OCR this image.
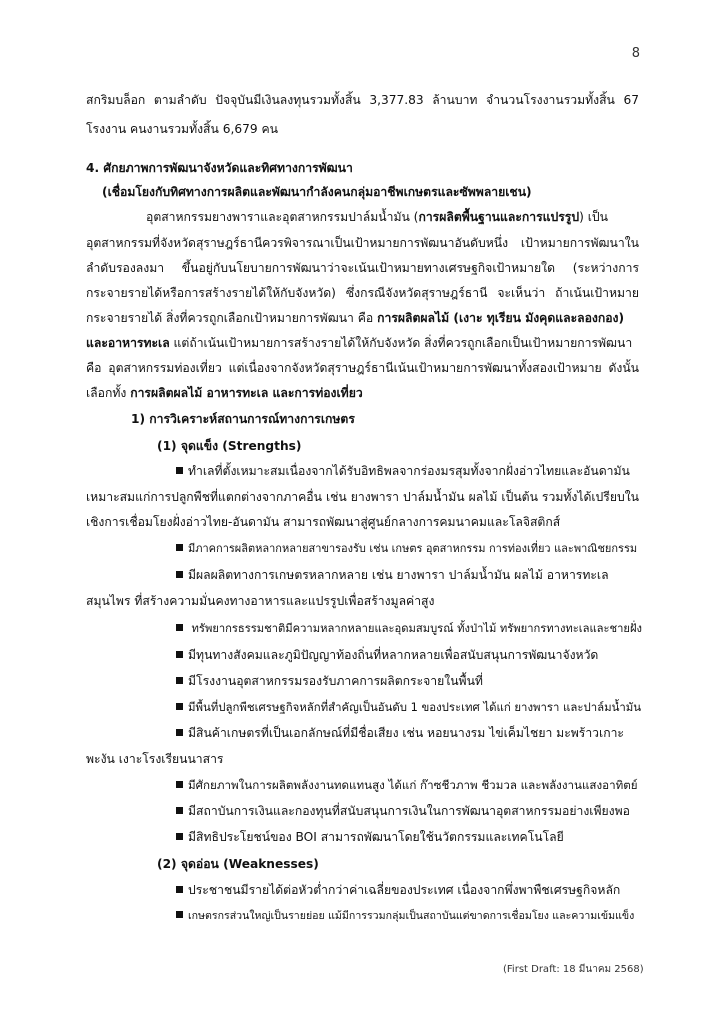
8
สกริมบล็อก ตามลำดับ ปัจจุบันมีเงินลงทุนรวมทั้งสิ้น 3,377.83 ล้านบาท จำนวนโรงงานรวมทั้งสิ้น 67
โรงงาน คนงานรวมทั้งสิ้น 6,679 คน
4. ศักยภาพการพัฒนาจังหวัดและทิศทางการพัฒนา
(เชื่อมโยงกับทิศทางการผลิตและพัฒนากำลังคนกลุ่มอาชีพเกษตรและซัพพลายเชน)
อุตสาหกรรมยางพาราและอุตสาหกรรมปาล์มน้ำมัน (การผลิตพื้นฐานและการแปรรูป) เป็น
อุตสาหกรรมที่จังหวัดสุราษฎร์ธานีควรพิจารณาเป็นเป้าหมายการพัฒนาอันดับหนึ่ง เป้าหมายการพัฒนาใน
ลำดับรองลงมา ขึ้นอยู่กับนโยบายการพัฒนาว่าจะเน้นเป้าหมายทางเศรษฐกิจเป้าหมายใด (ระหว่างการ
กระจายรายได้หรือการสร้างรายได้ให้กับจังหวัด) ซึ่งกรณีจังหวัดสุราษฎร์ธานี จะเห็นว่า ถ้าเน้นเป้าหมาย
กระจายรายได้ สิ่งที่ควรถูกเลือกเป้าหมายการพัฒนา คือ การผลิตผลไม้ (เงาะ ทุเรียน มังคุดและลองกอง)
และอาหารทะเล แต่ถ้าเน้นเป้าหมายการสร้างรายได้ให้กับจังหวัด สิ่งที่ควรถูกเลือกเป็นเป้าหมายการพัฒนา
คือ อุตสาหกรรมท่องเที่ยว แต่เนื่องจากจังหวัดสุราษฎร์ธานีเน้นเป้าหมายการพัฒนาทั้งสองเป้าหมาย ดังนั้น
เลือกทั้ง การผลิตผลไม้ อาหารทะเล และการท่องเที่ยว
1) การวิเคราะห์สถานการณ์ทางการเกษตร
(1) จุดแข็ง (Strengths)
ทำเลที่ตั้งเหมาะสมเนื่องจากได้รับอิทธิพลจากร่องมรสุมทั้งจากฝั่งอ่าวไทยและอันดามัน
เหมาะสมแก่การปลูกพืชที่แตกต่างจากภาคอื่น เช่น ยางพารา ปาล์มน้ำมัน ผลไม้ เป็นต้น รวมทั้งได้เปรียบใน
เชิงการเชื่อมโยงฝั่งอ่าวไทย-อันดามัน สามารถพัฒนาสู่ศูนย์กลางการคมนาคมและโลจิสติกส์
มีภาคการผลิตหลากหลายสาขารองรับ เช่น เกษตร อุตสาหกรรม การท่องเที่ยว และพาณิชยกรรม
มีผลผลิตทางการเกษตรหลากหลาย เช่น ยางพารา ปาล์มน้ำมัน ผลไม้ อาหารทะเล
สมุนไพร ที่สร้างความมั่นคงทางอาหารและแปรรูปเพื่อสร้างมูลค่าสูง
ทรัพยากรธรรมชาติมีความหลากหลายและอุดมสมบูรณ์ ทั้งป่าไม้ ทรัพยากรทางทะเลและชายฝั่ง
มีทุนทางสังคมและภูมิปัญญาท้องถิ่นที่หลากหลายเพื่อสนับสนุนการพัฒนาจังหวัด
มีโรงงานอุตสาหกรรมรองรับภาคการผลิตกระจายในพื้นที่
มีพื้นที่ปลูกพืชเศรษฐกิจหลักที่สำคัญเป็นอันดับ 1 ของประเทศ ได้แก่ ยางพารา และปาล์มน้ำมัน
มีสินค้าเกษตรที่เป็นเอกลักษณ์ที่มีชื่อเสียง เช่น หอยนางรม ไข่เค็มไชยา มะพร้าวเกาะ
พะงัน เงาะโรงเรียนนาสาร
มีศักยภาพในการผลิตพลังงานทดแทนสูง ได้แก่ ก๊าซชีวภาพ ชีวมวล และพลังงานแสงอาทิตย์
มีสถาบันการเงินและกองทุนที่สนับสนุนการเงินในการพัฒนาอุตสาหกรรมอย่างเพียงพอ
มีสิทธิประโยชน์ของ BOI สามารถพัฒนาโดยใช้นวัตกรรมและเทคโนโลยี
(2) จุดอ่อน (Weaknesses)
ประชาชนมีรายได้ต่อหัวต่ำกว่าค่าเฉลี่ยของประเทศ เนื่องจากพึ่งพาพืชเศรษฐกิจหลัก
เกษตรกรส่วนใหญ่เป็นรายย่อย แม้มีการรวมกลุ่มเป็นสถาบันแต่ขาดการเชื่อมโยง และความเข้มแข็ง
(First Draft: 18 มีนาคม 2568)
